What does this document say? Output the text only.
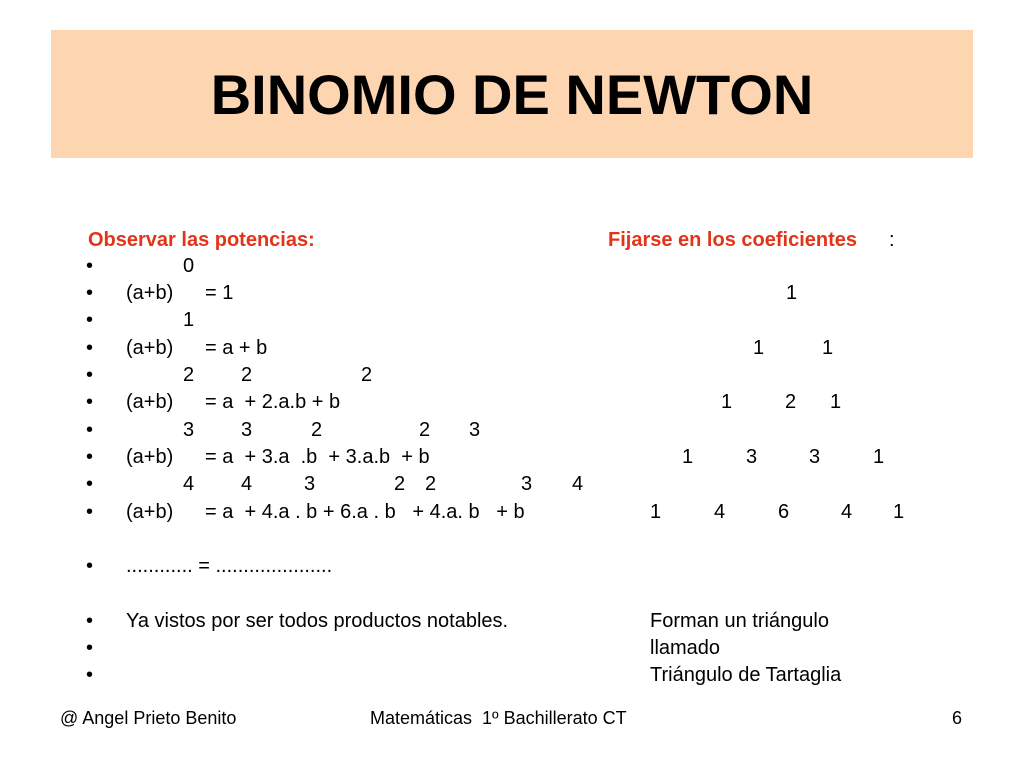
BINOMIO DE NEWTON
Observar las potencias:	Fijarse en los coeficientes :
•
•
•
•
•
•
•
•
•
•
•
•
•
•
0
(a+b) = 1	1
1
(a+b) = a + b	1	1
2 2	2
(a+b) = a  + 2.a.b + b	1	2 1
3 3	2	2 3
(a+b) = a  + 3.a  .b  + 3.a.b  + b	1	3	3	1
4 4	3	2 2	3 4
(a+b) = a  + 4.a . b + 6.a . b   + 4.a. b   + b	1	4	6	4 1
............ = .....................
Ya vistos por ser todos productos notables.	Forman un triángulo
llamado
Triángulo de Tartaglia
@ Angel Prieto Benito	Matemáticas  1º Bachillerato CT	6
